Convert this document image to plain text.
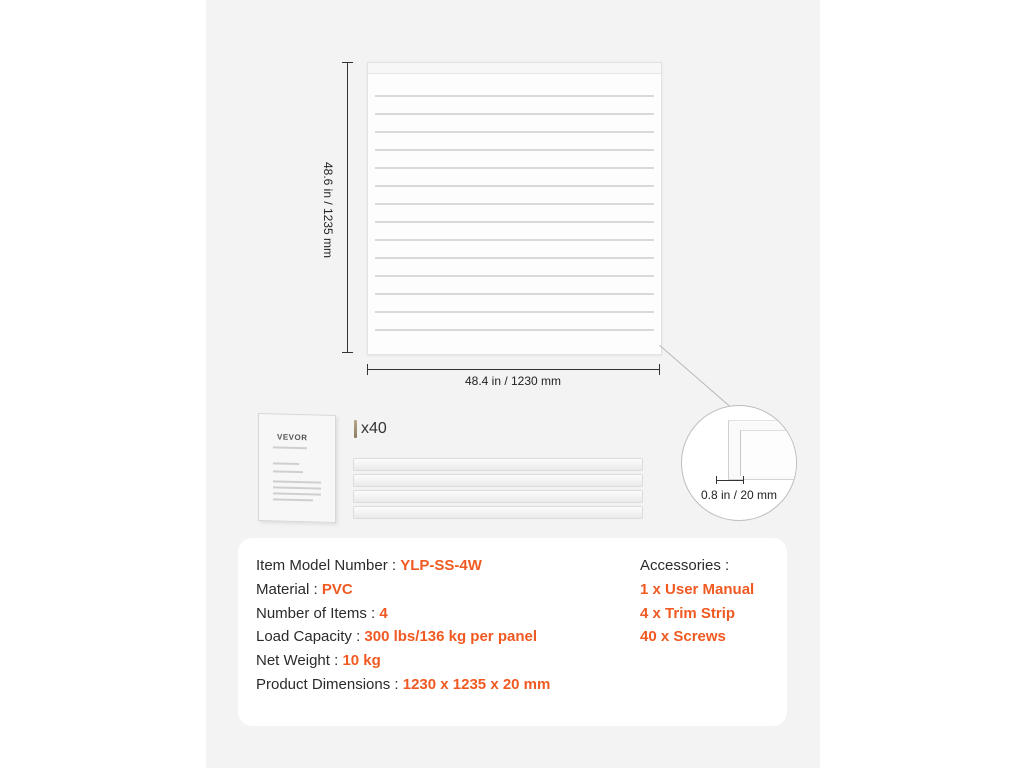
48.6 in / 1235 mm
48.4 in / 1230 mm
0.8 in / 20 mm
VEVOR
x40
Item Model Number : YLP-SS-4W
Material : PVC
Number of Items : 4
Load Capacity : 300 lbs/136 kg per panel
Net Weight : 10 kg
Product Dimensions : 1230 x 1235 x 20 mm
Accessories :
1 x User Manual
4 x Trim Strip
40 x Screws
